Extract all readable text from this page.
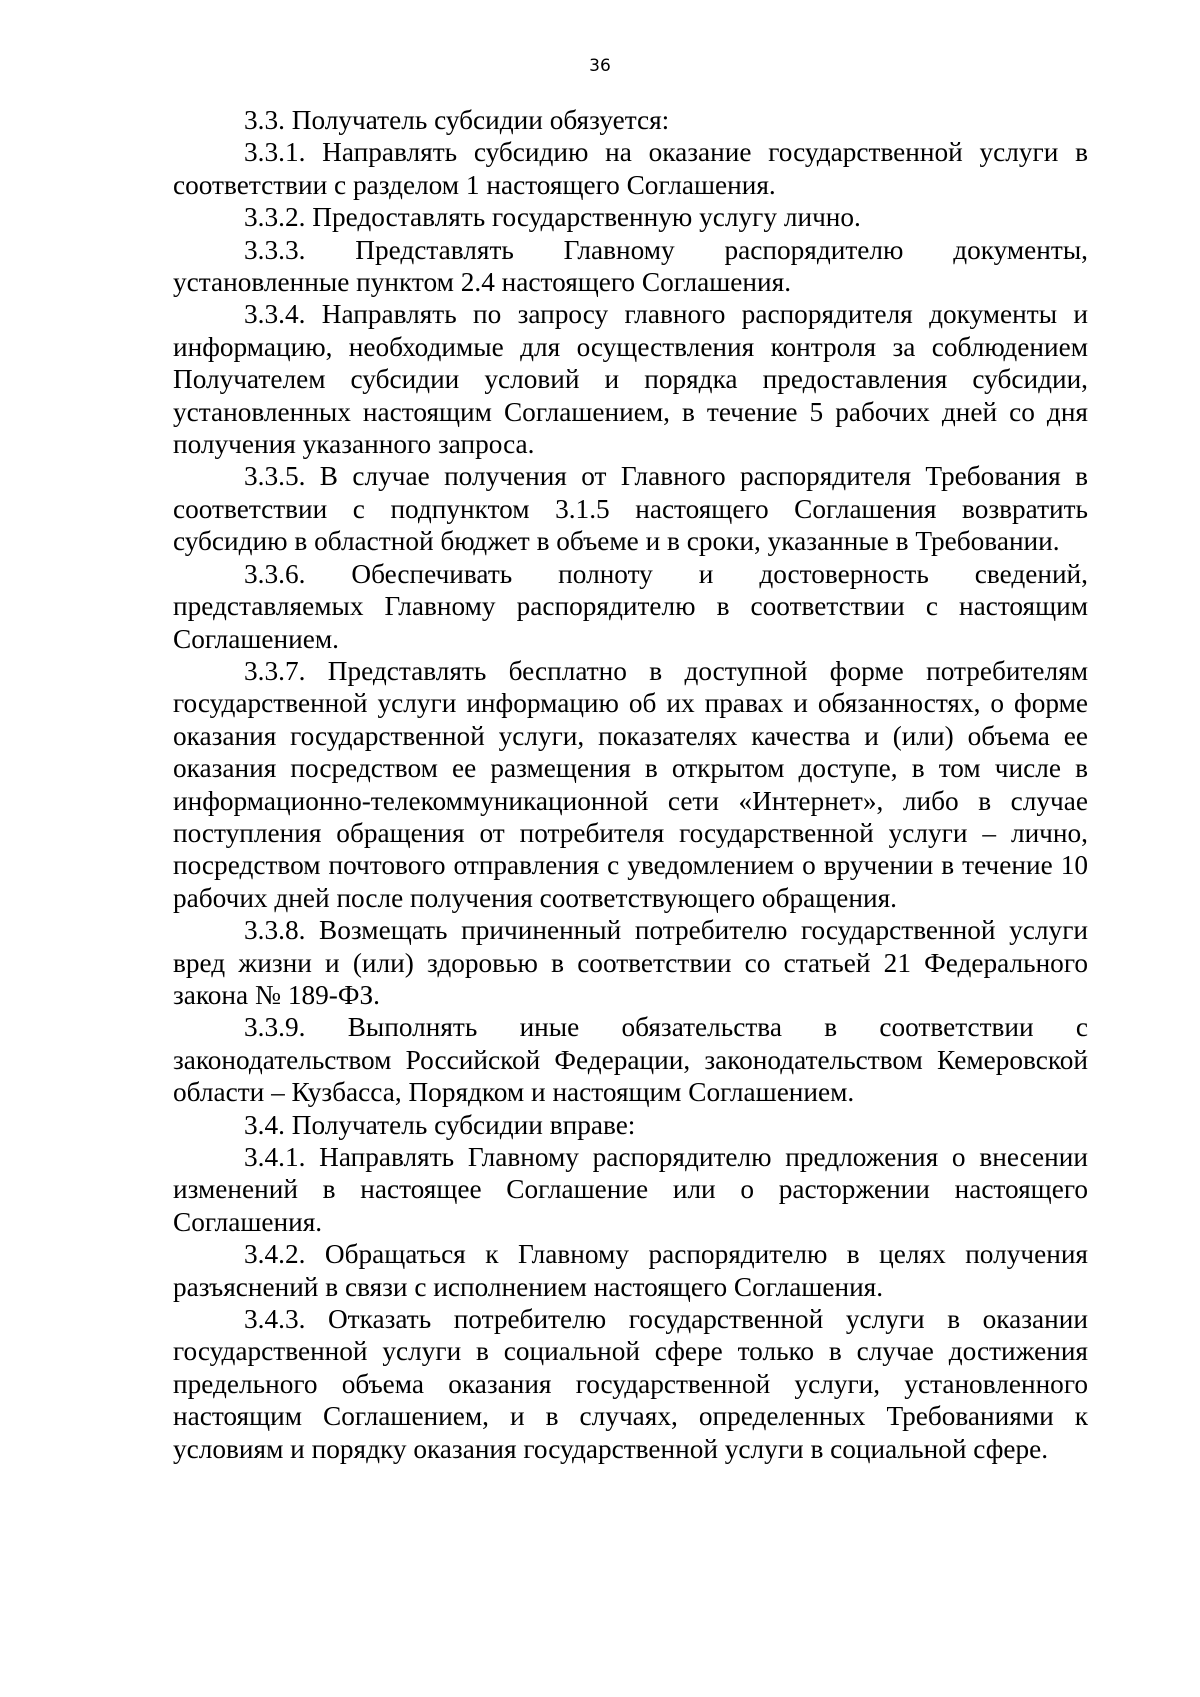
36

3.3. Получатель субсидии обязуется:

3.3.1. Направлять субсидию на оказание государственной услуги в соответствии с разделом 1 настоящего Соглашения.

3.3.2. Предоставлять государственную услугу лично.

3.3.3. Представлять Главному распорядителю документы, установленные пунктом 2.4 настоящего Соглашения.

3.3.4. Направлять по запросу главного распорядителя документы и информацию, необходимые для осуществления контроля за соблюдением Получателем субсидии условий и порядка предоставления субсидии, установленных настоящим Соглашением, в течение 5 рабочих дней со дня получения указанного запроса.

3.3.5. В случае получения от Главного распорядителя Требования в соответствии с подпунктом 3.1.5 настоящего Соглашения возвратить субсидию в областной бюджет в объеме и в сроки, указанные в Требовании.

3.3.6. Обеспечивать полноту и достоверность сведений, представляемых Главному распорядителю в соответствии с настоящим Соглашением.

3.3.7. Представлять бесплатно в доступной форме потребителям государственной услуги информацию об их правах и обязанностях, о форме оказания государственной услуги, показателях качества и (или) объема ее оказания посредством ее размещения в открытом доступе, в том числе в информационно-телекоммуникационной сети «Интернет», либо в случае поступления обращения от потребителя государственной услуги – лично, посредством почтового отправления с уведомлением о вручении в течение 10 рабочих дней после получения соответствующего обращения.

3.3.8. Возмещать причиненный потребителю государственной услуги вред жизни и (или) здоровью в соответствии со статьей 21 Федерального закона № 189-ФЗ.

3.3.9. Выполнять иные обязательства в соответствии с законодательством Российской Федерации, законодательством Кемеровской области – Кузбасса, Порядком и настоящим Соглашением.

3.4. Получатель субсидии вправе:

3.4.1. Направлять Главному распорядителю предложения о внесении изменений в настоящее Соглашение или о расторжении настоящего Соглашения.

3.4.2. Обращаться к Главному распорядителю в целях получения разъяснений в связи с исполнением настоящего Соглашения.

3.4.3. Отказать потребителю государственной услуги в оказании государственной услуги в социальной сфере только в случае достижения предельного объема оказания государственной услуги, установленного настоящим Соглашением, и в случаях, определенных Требованиями к условиям и порядку оказания государственной услуги в социальной сфере.
